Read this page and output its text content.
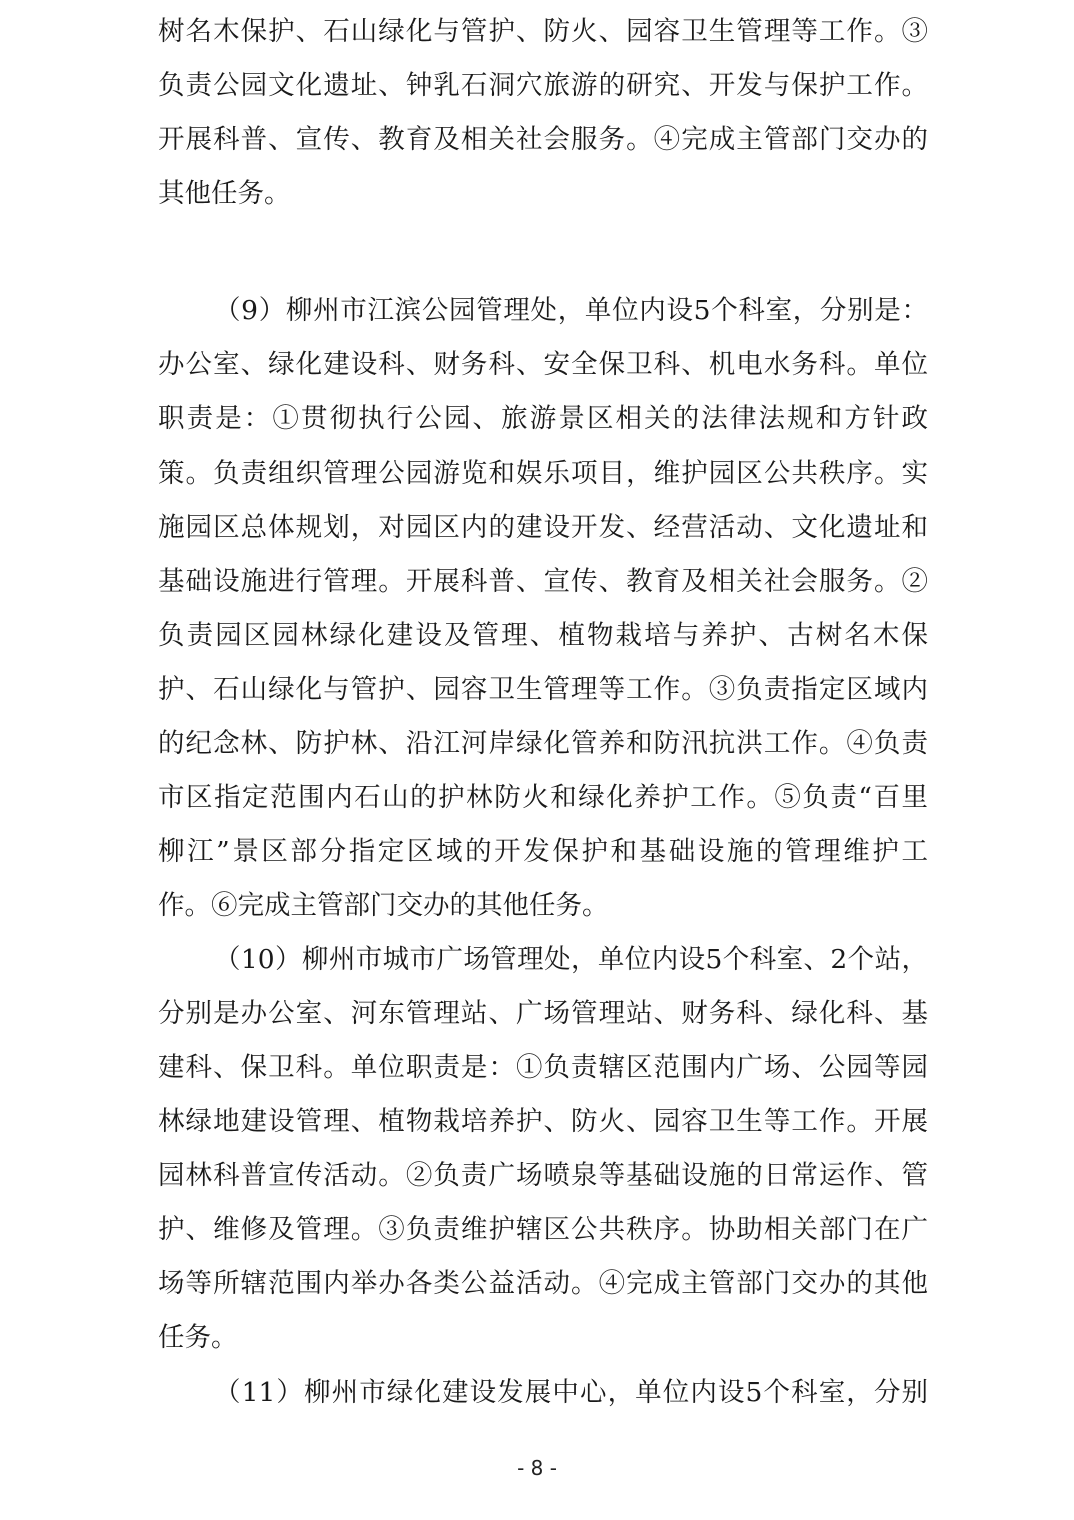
树名木保护、石山绿化与管护、防火、园容卫生管理等工作。③
负责公园文化遗址、钟乳石洞穴旅游的研究、开发与保护工作。
开展科普、宣传、教育及相关社会服务。④完成主管部门交办的
其他任务。
（9）柳州市江滨公园管理处，单位内设5个科室，分别是：
办公室、绿化建设科、财务科、安全保卫科、机电水务科。单位
职责是：①贯彻执行公园、旅游景区相关的法律法规和方针政
策。负责组织管理公园游览和娱乐项目，维护园区公共秩序。实
施园区总体规划，对园区内的建设开发、经营活动、文化遗址和
基础设施进行管理。开展科普、宣传、教育及相关社会服务。②
负责园区园林绿化建设及管理、植物栽培与养护、古树名木保
护、石山绿化与管护、园容卫生管理等工作。③负责指定区域内
的纪念林、防护林、沿江河岸绿化管养和防汛抗洪工作。④负责
市区指定范围内石山的护林防火和绿化养护工作。⑤负责“百里
柳江”景区部分指定区域的开发保护和基础设施的管理维护工
作。⑥完成主管部门交办的其他任务。
（10）柳州市城市广场管理处，单位内设5个科室、2个站，
分别是办公室、河东管理站、广场管理站、财务科、绿化科、基
建科、保卫科。单位职责是：①负责辖区范围内广场、公园等园
林绿地建设管理、植物栽培养护、防火、园容卫生等工作。开展
园林科普宣传活动。②负责广场喷泉等基础设施的日常运作、管
护、维修及管理。③负责维护辖区公共秩序。协助相关部门在广
场等所辖范围内举办各类公益活动。④完成主管部门交办的其他
任务。
（11）柳州市绿化建设发展中心，单位内设5个科室，分别
- 8 -
